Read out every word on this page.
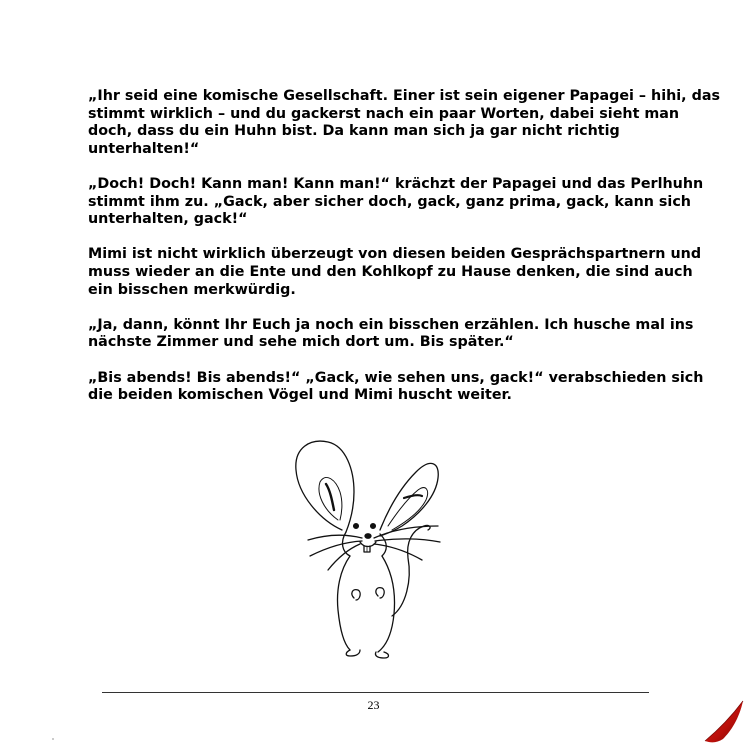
„Ihr seid eine komische Gesellschaft. Einer ist sein eigener Papagei – hihi, das
stimmt wirklich – und du gackerst nach ein paar Worten, dabei sieht man
doch, dass du ein Huhn bist. Da kann man sich ja gar nicht richtig
unterhalten!“

„Doch! Doch! Kann man! Kann man!“ krächzt der Papagei und das Perlhuhn
stimmt ihm zu. „Gack, aber sicher doch, gack, ganz prima, gack, kann sich
unterhalten, gack!“

Mimi ist nicht wirklich überzeugt von diesen beiden Gesprächspartnern und
muss wieder an die Ente und den Kohlkopf zu Hause denken, die sind auch
ein bisschen merkwürdig.

„Ja, dann, könnt Ihr Euch ja noch ein bisschen erzählen. Ich husche mal ins
nächste Zimmer und sehe mich dort um. Bis später.“

„Bis abends! Bis abends!“ „Gack, wie sehen uns, gack!“ verabschieden sich
die beiden komischen Vögel und Mimi huscht weiter.

23
